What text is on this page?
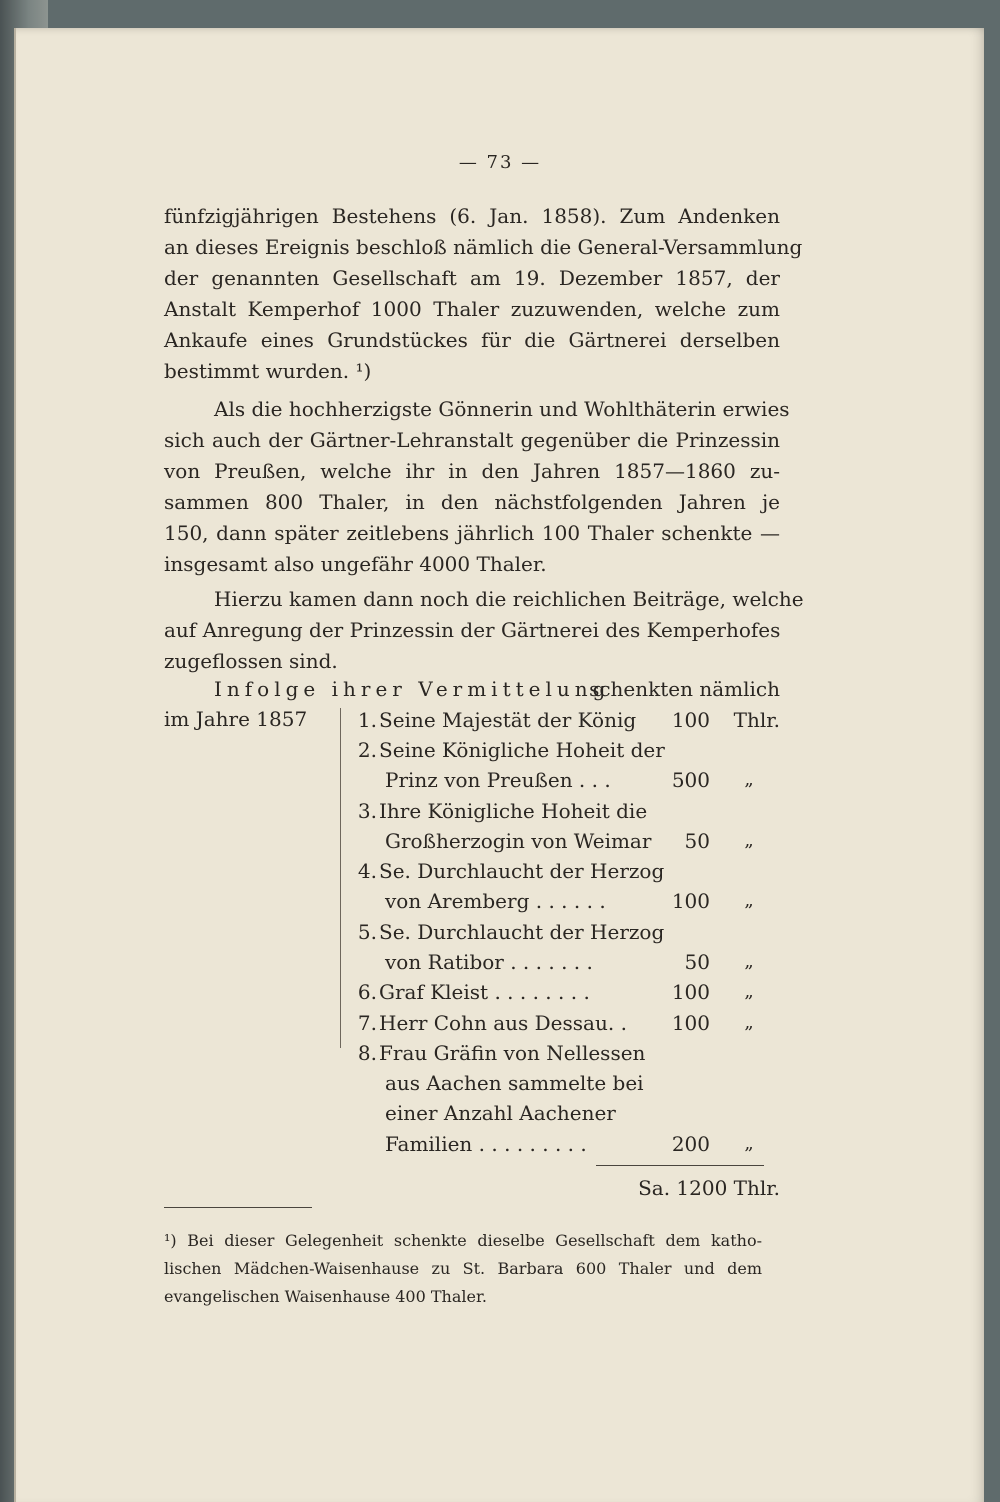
— 73 —
fünfzigjährigen Bestehens (6. Jan. 1858). Zum Andenken
an dieses Ereignis beschloß nämlich die General-Versammlung
der genannten Gesellschaft am 19. Dezember 1857, der
Anstalt Kemperhof 1000 Thaler zuzuwenden, welche zum
Ankaufe eines Grundstückes für die Gärtnerei derselben
bestimmt wurden. ¹)
Als die hochherzigste Gönnerin und Wohlthäterin erwies
sich auch der Gärtner-Lehranstalt gegenüber die Prinzessin
von Preußen, welche ihr in den Jahren 1857—1860 zu-
sammen 800 Thaler, in den nächstfolgenden Jahren je
150, dann später zeitlebens jährlich 100 Thaler schenkte —
insgesamt also ungefähr 4000 Thaler.
Hierzu kamen dann noch die reichlichen Beiträge, welche
auf Anregung der Prinzessin der Gärtnerei des Kemperhofes
zugeflossen sind.
Infolge ihrer Vermittelung
schenkten nämlich
im Jahre 1857	1. Seine Majestät der König	100	Thlr.
2. Seine Königliche Hoheit der
Prinz von Preußen . . .	500	„
3. Ihre Königliche Hoheit die
Großherzogin von Weimar	50	„
4. Se. Durchlaucht der Herzog
von Aremberg . . . . . .	100	„
5. Se. Durchlaucht der Herzog
von Ratibor . . . . . . .	50	„
6. Graf Kleist . . . . . . . .	100	„
7. Herr Cohn aus Dessau. .	100	„
8. Frau Gräfin von Nellessen
aus Aachen sammelte bei
einer Anzahl Aachener
Familien . . . . . . . . .	200	„
Sa. 1200 Thlr.
¹) Bei dieser Gelegenheit schenkte dieselbe Gesellschaft dem katho-
lischen Mädchen-Waisenhause zu St. Barbara 600 Thaler und dem
evangelischen Waisenhause 400 Thaler.
